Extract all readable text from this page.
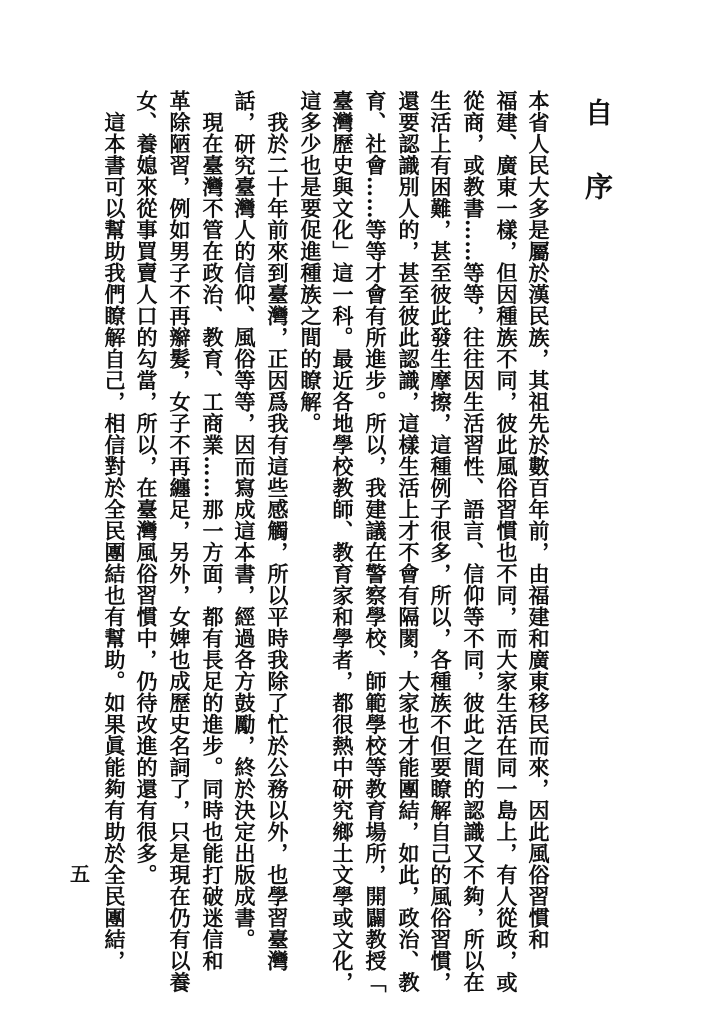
自 序
本省人民大多是屬於漢民族，其祖先於數百年前，由福建和廣東移民而來，因此風俗習慣和
福建、廣東一樣，但因種族不同，彼此風俗習慣也不同，而大家生活在同一島上，有人從政，或
從商，或教書……等等，往往因生活習性、語言、信仰等不同，彼此之間的認識又不夠，所以在
生活上有困難，甚至彼此發生摩擦，這種例子很多，所以，各種族不但要瞭解自己的風俗習慣，
還要認識別人的，甚至彼此認識，這樣生活上才不會有隔閡，大家也才能團結，如此，政治、教
育、社會……等等才會有所進步。所以，我建議在警察學校、師範學校等教育場所，開闢教授「
臺灣歷史與文化」這一科。最近各地學校教師、教育家和學者，都很熱中研究鄉土文學或文化，
這多少也是要促進種族之間的瞭解。
　我於二十年前來到臺灣，正因爲我有這些感觸，所以平時我除了忙於公務以外，也學習臺灣
話，研究臺灣人的信仰、風俗等等，因而寫成這本書，經過各方鼓勵，終於決定出版成書。
　現在臺灣不管在政治、教育、工商業……那一方面，都有長足的進步。同時也能打破迷信和
革除陋習，例如男子不再辮髮，女子不再纏足，另外，女婢也成歷史名詞了，只是現在仍有以養
女、養媳來從事買賣人口的勾當，所以，在臺灣風俗習慣中，仍待改進的還有很多。
　這本書可以幫助我們瞭解自己，相信對於全民團結也有幫助。如果眞能夠有助於全民團結，
五
